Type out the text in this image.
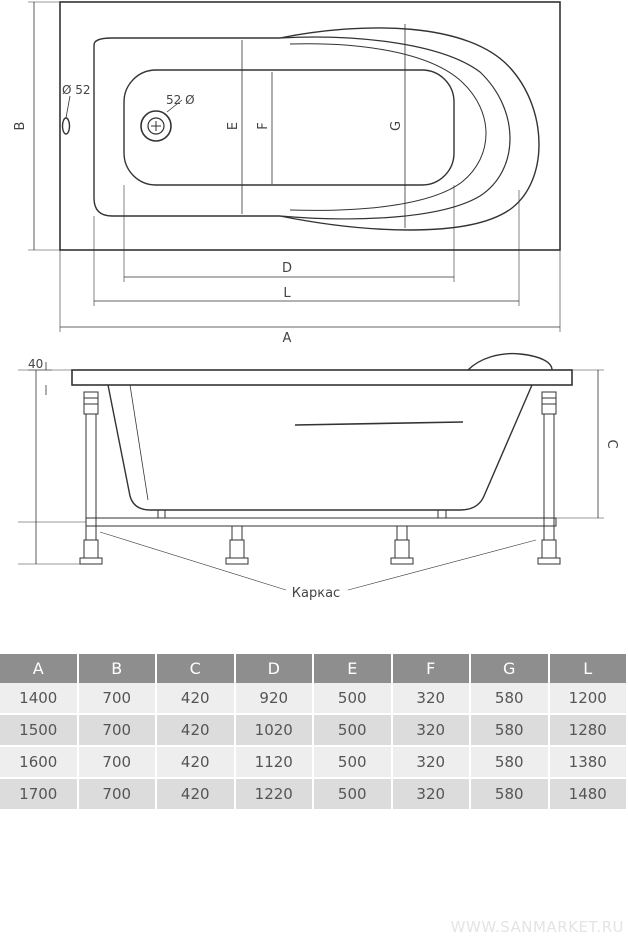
B	E F	G
Ø 52
52 Ø
D
L
A
C
40
Каркас
A	B	C	D	E	F	G	L
1400	700	420	920	500	320	580	1200
1500	700	420	1020	500	320	580	1280
1600	700	420	1120	500	320	580	1380
1700	700	420	1220	500	320	580	1480
WWW.SANMARKET.RU
